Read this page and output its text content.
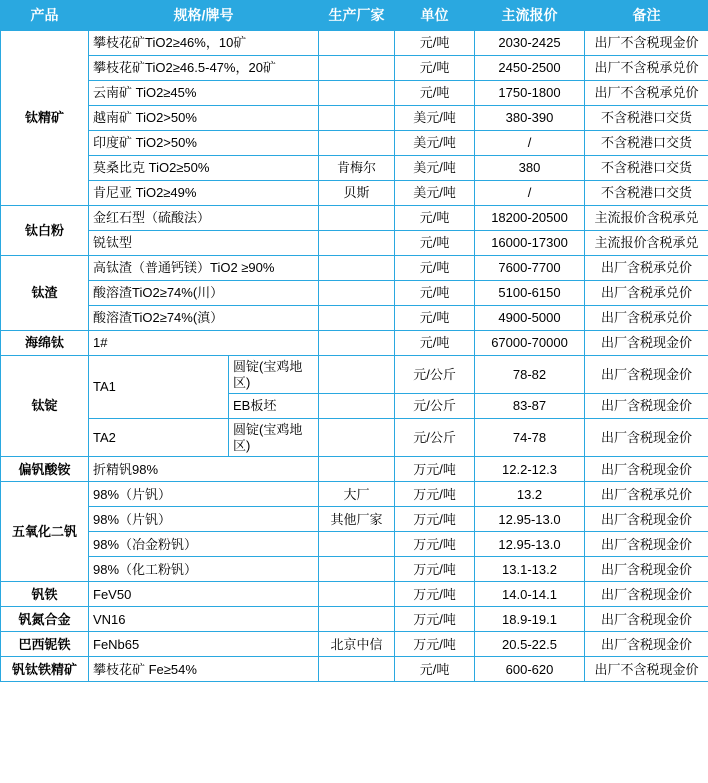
产品	规格/牌号		生产厂家	单位	主流报价	备注
钛精矿	攀枝花矿TiO2≥46%，10矿			元/吨	2030-2425	出厂不含税现金价
	攀枝花矿TiO2≥46.5-47%，20矿			元/吨	2450-2500	出厂不含税承兑价
	云南矿 TiO2≥45%			元/吨	1750-1800	出厂不含税承兑价
	越南矿 TiO2>50%			美元/吨	380-390	不含税港口交货
	印度矿 TiO2>50%			美元/吨	/	不含税港口交货
	莫桑比克 TiO2≥50%		肯梅尔	美元/吨	380	不含税港口交货
	肯尼亚 TiO2≥49%		贝斯	美元/吨	/	不含税港口交货
钛白粉	金红石型（硫酸法）			元/吨	18200-20500	主流报价含税承兑
	锐钛型			元/吨	16000-17300	主流报价含税承兑
钛渣	高钛渣（普通钙镁）TiO2 ≥90%			元/吨	7600-7700	出厂含税承兑价
	酸溶渣TiO2≥74%(川）			元/吨	5100-6150	出厂含税承兑价
	酸溶渣TiO2≥74%(滇）			元/吨	4900-5000	出厂含税承兑价
海绵钛	1#			元/吨	67000-70000	出厂含税现金价
钛锭	TA1	圆锭(宝鸡地区)		元/公斤	78-82	出厂含税现金价
		EB板坯		元/公斤	83-87	出厂含税现金价
	TA2	圆锭(宝鸡地区)		元/公斤	74-78	出厂含税现金价
偏钒酸铵	折精钒98%			万元/吨	12.2-12.3	出厂含税现金价
五氧化二钒	98%（片钒）		大厂	万元/吨	13.2	出厂含税承兑价
	98%（片钒）		其他厂家	万元/吨	12.95-13.0	出厂含税现金价
	98%（冶金粉钒）			万元/吨	12.95-13.0	出厂含税现金价
	98%（化工粉钒）			万元/吨	13.1-13.2	出厂含税现金价
钒铁	FeV50			万元/吨	14.0-14.1	出厂含税现金价
钒氮合金	VN16			万元/吨	18.9-19.1	出厂含税现金价
巴西铌铁	FeNb65		北京中信	万元/吨	20.5-22.5	出厂含税现金价
钒钛铁精矿	攀枝花矿 Fe≥54%			元/吨	600-620	出厂不含税现金价
